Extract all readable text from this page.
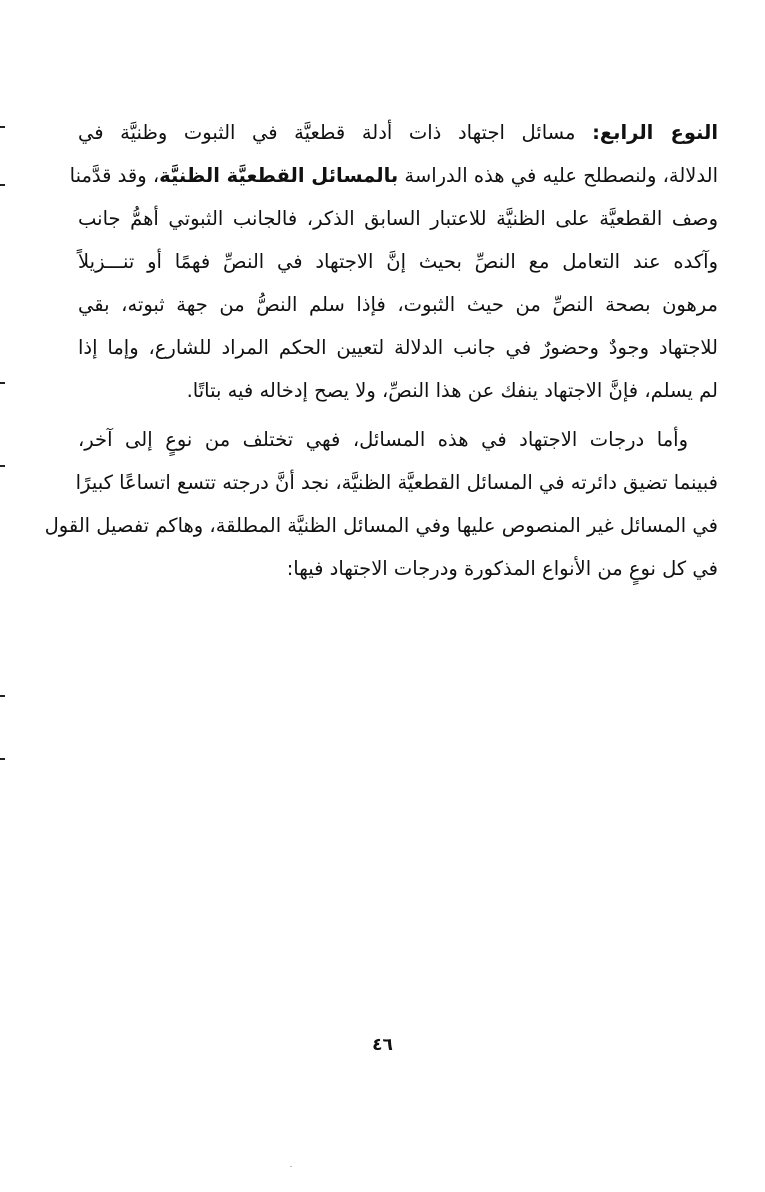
النوع الرابع: مسائل اجتهاد ذات أدلة قطعيَّة في الثبوت وظنيَّة في
الدلالة، ولنصطلح عليه في هذه الدراسة بالمسائل القطعيَّة الظنيَّة، وقد قدَّمنا
وصف القطعيَّة على الظنيَّة للاعتبار السابق الذكر، فالجانب الثبوتي أهمُّ جانب
وآكده عند التعامل مع النصِّ بحيث إنَّ الاجتهاد في النصِّ فهمًا أو تنـــزيلاً
مرهون بصحة النصِّ من حيث الثبوت، فإذا سلم النصُّ من جهة ثبوته، بقي
للاجتهاد وجودٌ وحضورٌ في جانب الدلالة لتعيين الحكم المراد للشارع، وإما إذا
لم يسلم، فإنَّ الاجتهاد ينفك عن هذا النصِّ، ولا يصح إدخاله فيه بتاتًا.
وأما درجات الاجتهاد في هذه المسائل، فهي تختلف من نوعٍ إلى آخر،
فبينما تضيق دائرته في المسائل القطعيَّة الظنيَّة، نجد أنَّ درجته تتسع اتساعًا كبيرًا
في المسائل غير المنصوص عليها وفي المسائل الظنيَّة المطلقة، وهاكم تفصيل القول
في كل نوعٍ من الأنواع المذكورة ودرجات الاجتهاد فيها:
٤٦
